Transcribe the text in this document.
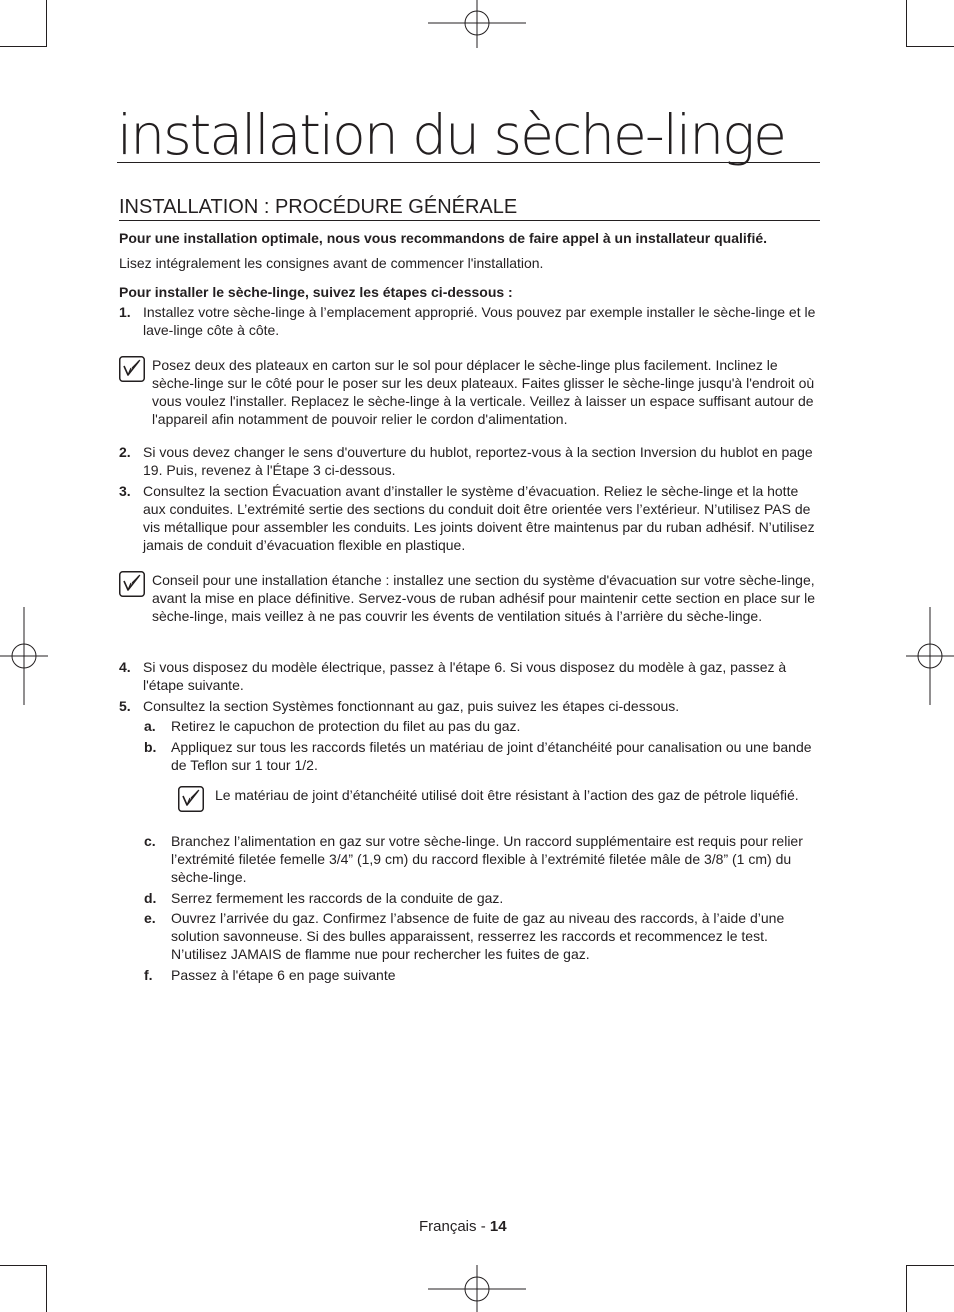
installation du sèche-linge
INSTALLATION : PROCÉDURE GÉNÉRALE
Pour une installation optimale, nous vous recommandons de faire appel à un installateur qualifié.
Lisez intégralement les consignes avant de commencer l'installation.
Pour installer le sèche-linge, suivez les étapes ci-dessous :
1. Installez votre sèche-linge à l’emplacement approprié. Vous pouvez par exemple installer le sèche-linge et le lave-linge côte à côte.
Posez deux des plateaux en carton sur le sol pour déplacer le sèche-linge plus facilement. Inclinez le sèche-linge sur le côté pour le poser sur les deux plateaux. Faites glisser le sèche-linge jusqu'à l'endroit où vous voulez l'installer. Replacez le sèche-linge à la verticale. Veillez à laisser un espace suffisant autour de l'appareil afin notamment de pouvoir relier le cordon d'alimentation.
2. Si vous devez changer le sens d'ouverture du hublot, reportez-vous à la section Inversion du hublot en page 19. Puis, revenez à l'Étape 3 ci-dessous.
3. Consultez la section Évacuation avant d’installer le système d’évacuation. Reliez le sèche-linge et la hotte aux conduites. L’extrémité sertie des sections du conduit doit être orientée vers l’extérieur. N’utilisez PAS de vis métallique pour assembler les conduits. Les joints doivent être maintenus par du ruban adhésif. N’utilisez jamais de conduit d’évacuation flexible en plastique.
Conseil pour une installation étanche : installez une section du système d'évacuation sur votre sèche-linge, avant la mise en place définitive. Servez-vous de ruban adhésif pour maintenir cette section en place sur le sèche-linge, mais veillez à ne pas couvrir les évents de ventilation situés à l’arrière du sèche-linge.
4. Si vous disposez du modèle électrique, passez à l'étape 6. Si vous disposez du modèle à gaz, passez à l'étape suivante.
5. Consultez la section Systèmes fonctionnant au gaz, puis suivez les étapes ci-dessous.
a. Retirez le capuchon de protection du filet au pas du gaz.
b. Appliquez sur tous les raccords filetés un matériau de joint d’étanchéité pour canalisation ou une bande de Teflon sur 1 tour 1/2.
Le matériau de joint d’étanchéité utilisé doit être résistant à l’action des gaz de pétrole liquéfié.
c. Branchez l’alimentation en gaz sur votre sèche-linge. Un raccord supplémentaire est requis pour relier l’extrémité filetée femelle 3/4” (1,9 cm) du raccord flexible à l’extrémité filetée mâle de 3/8” (1 cm) du sèche-linge.
d. Serrez fermement les raccords de la conduite de gaz.
e. Ouvrez l’arrivée du gaz. Confirmez l’absence de fuite de gaz au niveau des raccords, à l’aide d’une solution savonneuse. Si des bulles apparaissent, resserrez les raccords et recommencez le test. N’utilisez JAMAIS de flamme nue pour rechercher les fuites de gaz.
f. Passez à l'étape 6 en page suivante
Français - 14
